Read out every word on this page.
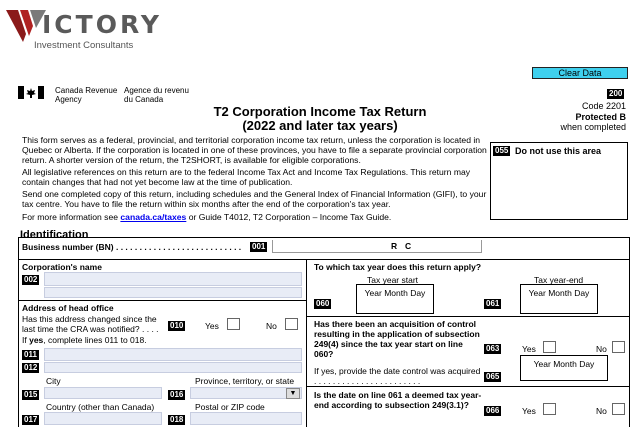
ICTORY
Investment Consultants
Clear Data
Canada Revenue
Agency
Agence du revenu
du Canada
200
T2 Corporation Income Tax Return
(2022 and later tax years)
Code 2201
Protected B
when completed
This form serves as a federal, provincial, and territorial corporation income tax return, unless the corporation is located in Quebec or Alberta. If the corporation is located in one of these provinces, you have to file a separate provincial corporation return. A shorter version of the return, the T2SHORT, is available for eligible corporations.
All legislative references on this return are to the federal Income Tax Act and Income Tax Regulations. This return may contain changes that had not yet become law at the time of publication.
Send one completed copy of this return, including schedules and the General Index of Financial Information (GIFI), to your tax centre. You have to file the return within six months after the end of the corporation's tax year.
For more information see canada.ca/taxes or Guide T4012, T2 Corporation – Income Tax Guide.
055 Do not use this area
Identification
Business number (BN) . . . . . . . . . . . . . . . . . . . . . . . . . . . 001	R C
Corporation's name
002
Address of head office
Has this address changed since the last time the CRA was notified? . . . .	010	Yes	No
If yes, complete lines 011 to 018.
011
012
City
015
Province, territory, or state
016	▼
Country (other than Canada)
017
Postal or ZIP code
018
To which tax year does this return apply?
Tax year start	Tax year-end
Year Month Day	Year Month Day
060	061
Has there been an acquisition of control resulting in the application of subsection 249(4) since the tax year start on line 060?
063	Yes	No
If yes, provide the date control was acquired . . . . . . . . . . . . . . . . . . . . . . .
Year Month Day
065
Is the date on line 061 a deemed tax year-end according to subsection 249(3.1)?
066	Yes	No
